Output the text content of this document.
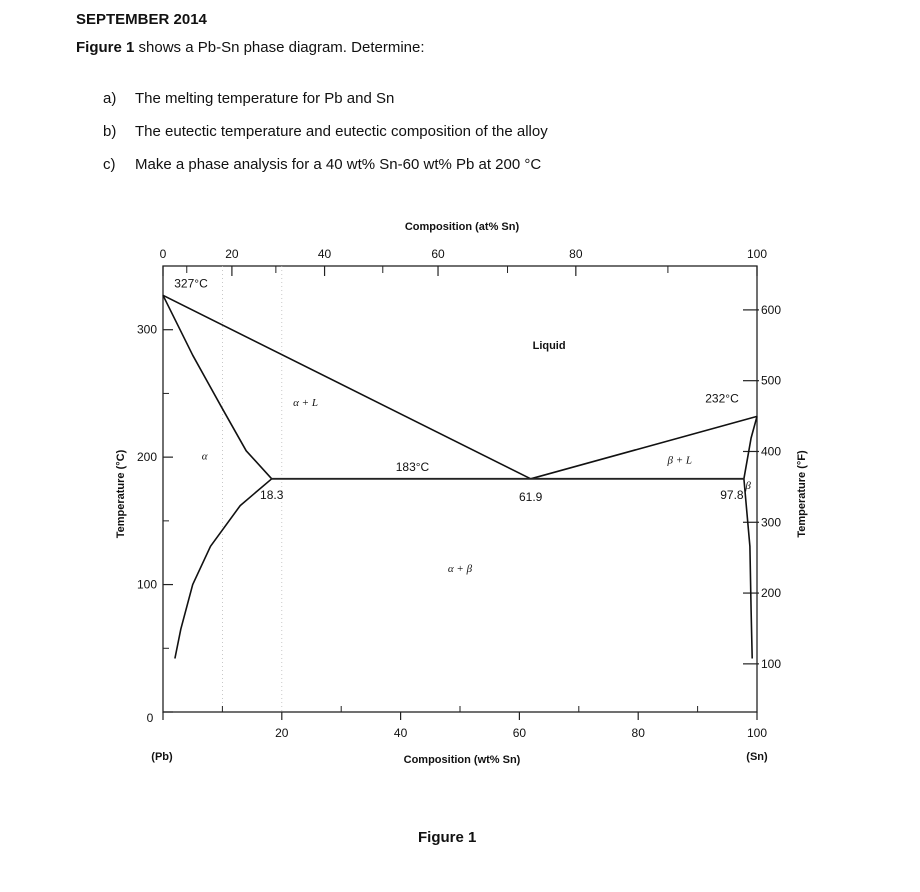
SEPTEMBER 2014
Figure 1 shows a Pb-Sn phase diagram. Determine:
a)	The melting temperature for Pb and Sn
b)	The eutectic temperature and eutectic composition of the alloy
c)	Make a phase analysis for a 40 wt% Sn-60 wt% Pb at 200 °C
20	40	60	80	100
0	20	40	60	80	100
100
200
300
100
200
300
400
500
600
327°C
232°C
183°C
18.3	61.9	97.8
Liquid
α + L
α	β + L
α + β
β
Composition (at% Sn)
Composition (wt% Sn)
Temperature (°C)	Temperature (°F)
(Pb)	(Sn)
0
Figure 1
